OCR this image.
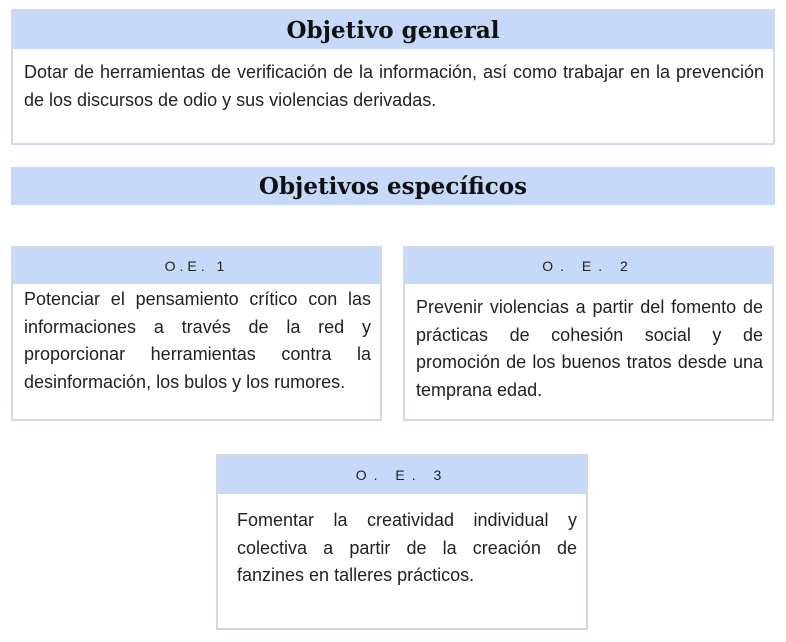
Objetivo general
Dotar de herramientas de verificación de la información, así como trabajar en la prevención de los discursos de odio y sus violencias derivadas.
Objetivos específicos
O.E. 1
Potenciar el pensamiento crítico con las informaciones a través de la red y proporcionar herramientas contra la desinformación, los bulos y los rumores.
O. E. 2
Prevenir violencias a partir del fomento de prácticas de cohesión social y de promoción de los buenos tratos desde una temprana edad.
O. E. 3
Fomentar la creatividad individual y colectiva a partir de la creación de fanzines en talleres prácticos.
